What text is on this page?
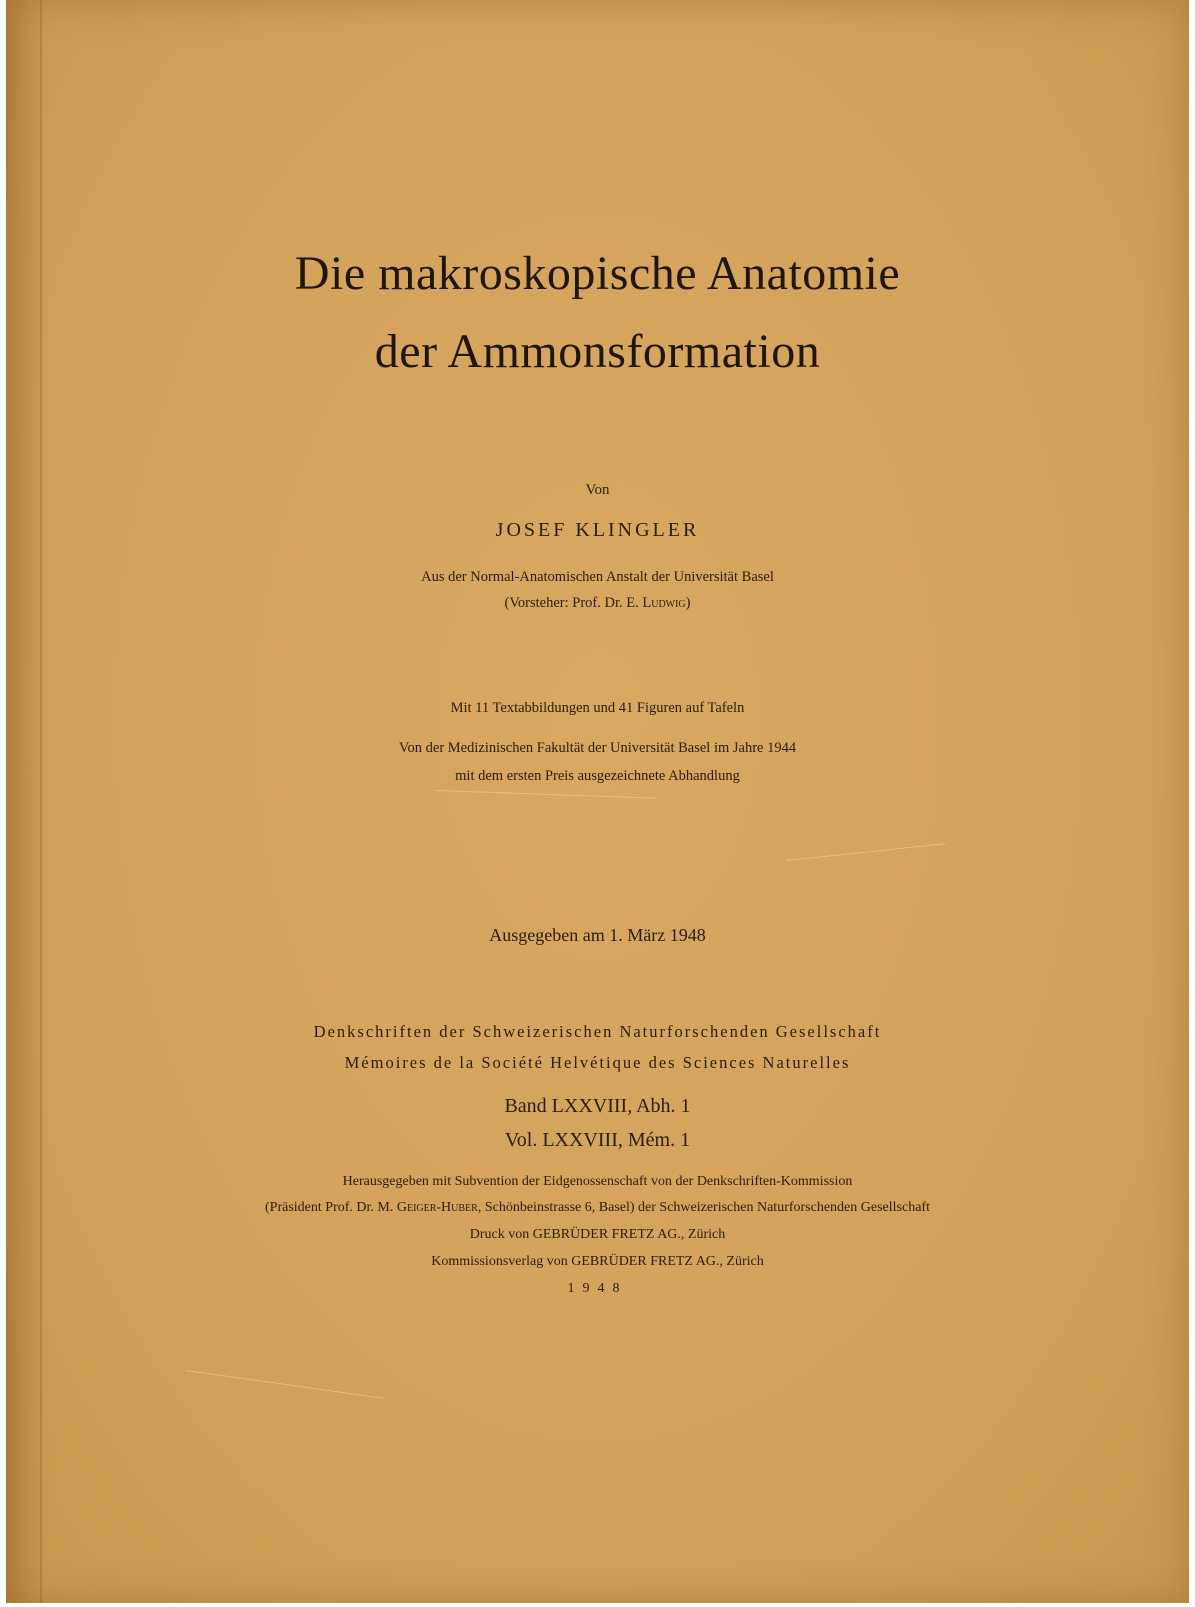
Die makroskopische Anatomie
der Ammonsformation

Von

JOSEF KLINGLER

Aus der Normal-Anatomischen Anstalt der Universität Basel

(Vorsteher: Prof. Dr. E. Ludwig)

Mit 11 Textabbildungen und 41 Figuren auf Tafeln

Von der Medizinischen Fakultät der Universität Basel im Jahre 1944

mit dem ersten Preis ausgezeichnete Abhandlung

Ausgegeben am 1. März 1948

Denkschriften der Schweizerischen Naturforschenden Gesellschaft

Mémoires de la Société Helvétique des Sciences Naturelles

Band LXXVIII, Abh. 1

Vol. LXXVIII, Mém. 1

Herausgegeben mit Subvention der Eidgenossenschaft von der Denkschriften-Kommission

(Präsident Prof. Dr. M. Geiger-Huber, Schönbeinstrasse 6, Basel) der Schweizerischen Naturforschenden Gesellschaft

Druck von GEBRÜDER FRETZ AG., Zürich

Kommissionsverlag von GEBRÜDER FRETZ AG., Zürich

1948
